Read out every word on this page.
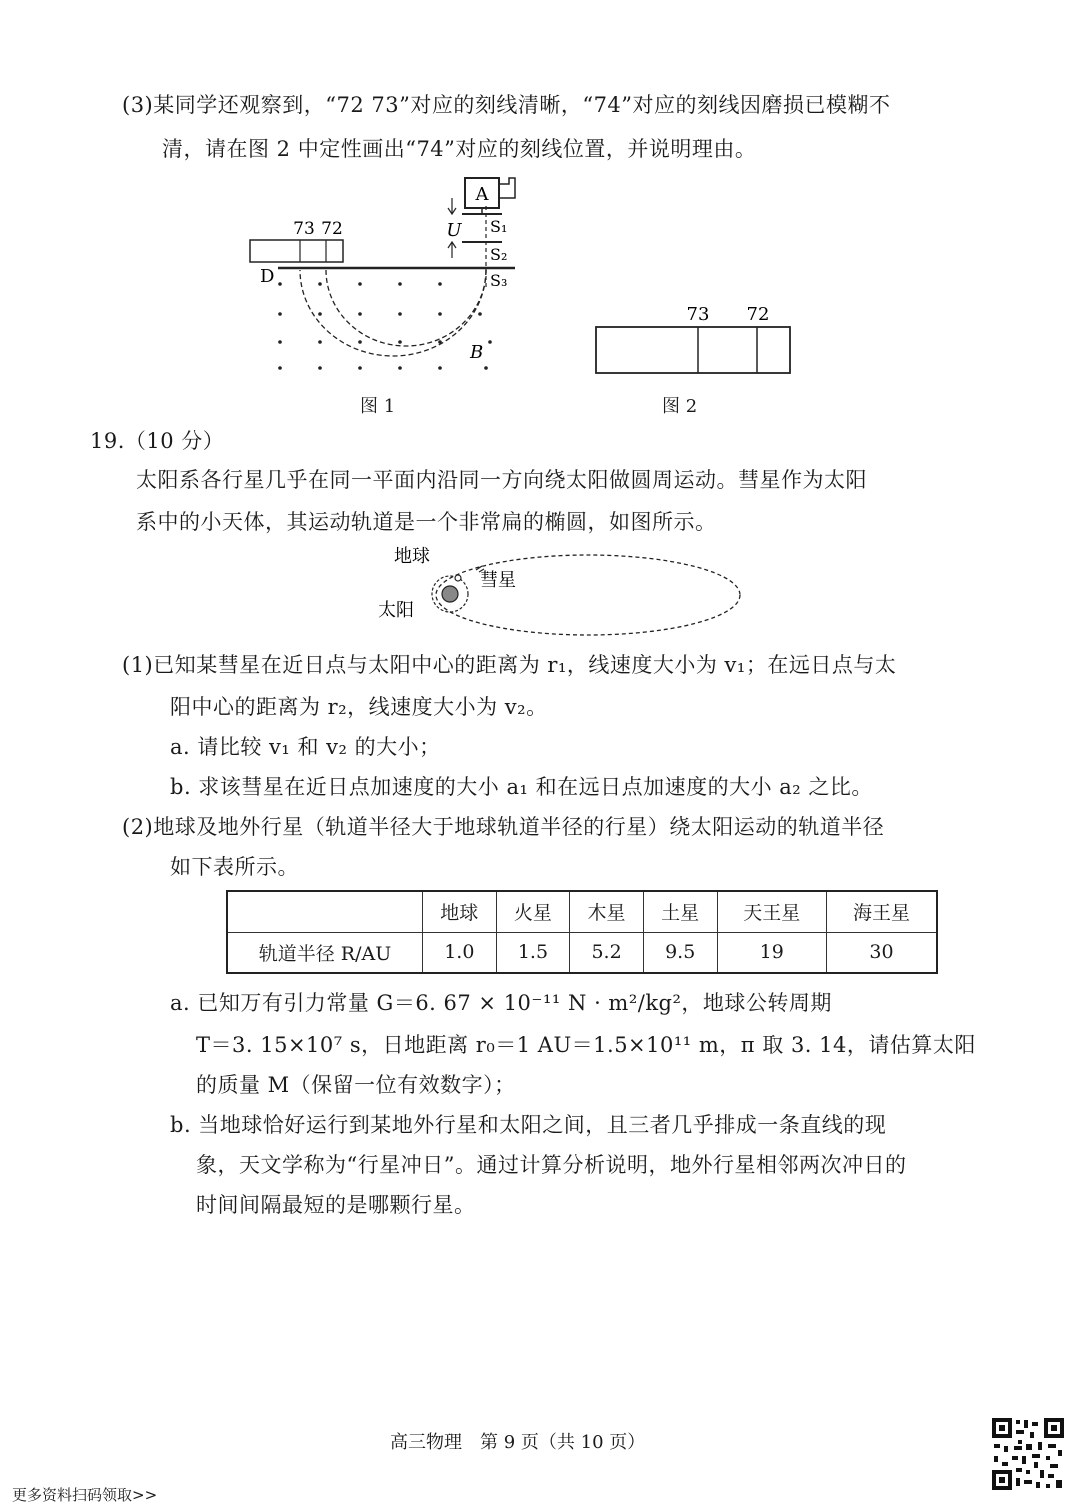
(3)某同学还观察到，“72 73”对应的刻线清晰，“74”对应的刻线因磨损已模糊不
清，请在图 2 中定性画出“74”对应的刻线位置，并说明理由。
A
U S₁
S₂
S₃
D
73 72
B
图 1
73 72
图 2
19.（10 分）
太阳系各行星几乎在同一平面内沿同一方向绕太阳做圆周运动。彗星作为太阳
系中的小天体，其运动轨道是一个非常扁的椭圆，如图所示。
地球
彗星
太阳
(1)已知某彗星在近日点与太阳中心的距离为 r₁，线速度大小为 v₁；在远日点与太
阳中心的距离为 r₂，线速度大小为 v₂。
a. 请比较 v₁ 和 v₂ 的大小；
b. 求该彗星在近日点加速度的大小 a₁ 和在远日点加速度的大小 a₂ 之比。
(2)地球及地外行星（轨道半径大于地球轨道半径的行星）绕太阳运动的轨道半径
如下表所示。
	地球	火星	木星	土星	天王星	海王星
轨道半径 R/AU	1.0	1.5	5.2	9.5	19	30
a. 已知万有引力常量 G＝6. 67 × 10⁻¹¹ N · m²/kg²，地球公转周期
T＝3. 15×10⁷ s，日地距离 r₀＝1 AU＝1.5×10¹¹ m，π 取 3. 14，请估算太阳
的质量 M（保留一位有效数字）；
b. 当地球恰好运行到某地外行星和太阳之间，且三者几乎排成一条直线的现
象，天文学称为“行星冲日”。通过计算分析说明，地外行星相邻两次冲日的
时间间隔最短的是哪颗行星。
高三物理　第 9 页（共 10 页）
更多资料扫码领取>>
